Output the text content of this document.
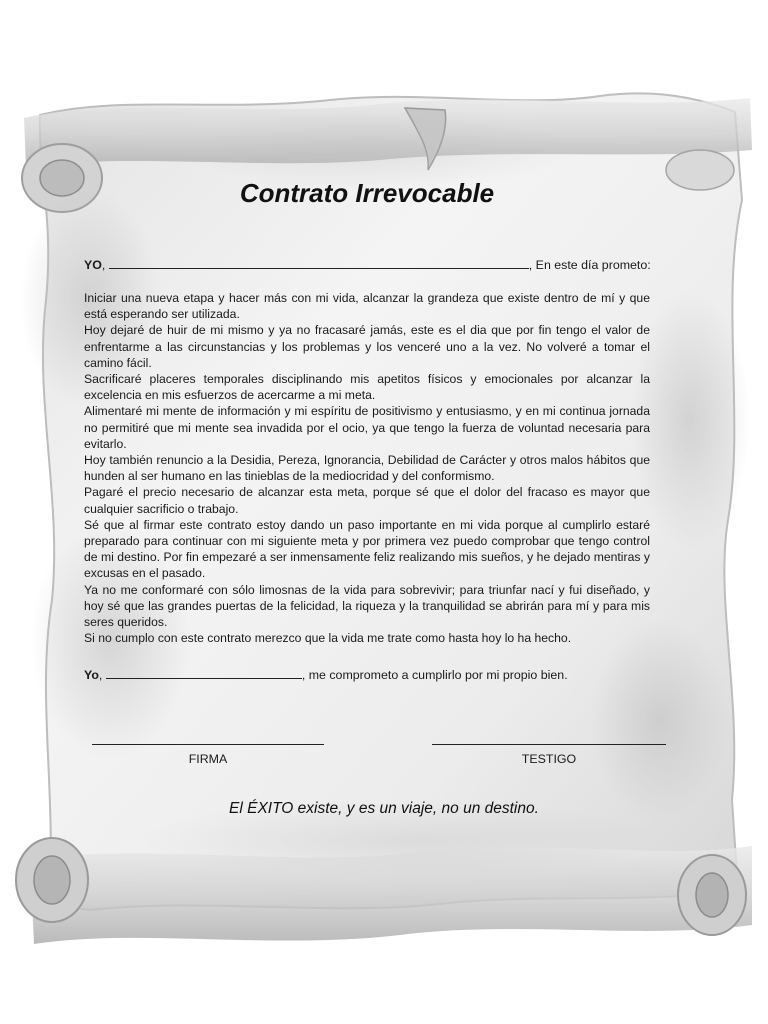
Contrato Irrevocable
YO,	, En este día prometo:

Iniciar una nueva etapa y hacer más con mi vida, alcanzar la grandeza que existe dentro de mí y que está esperando ser utilizada.

Hoy dejaré de huir de mi mismo y ya no fracasaré jamás, este es el dia que por fin tengo el valor de enfrentarme a las circunstancias y los problemas y los venceré uno a la vez. No volveré a tomar el camino fácil.

Sacrificaré placeres temporales disciplinando mis apetitos físicos y emocionales por alcanzar la excelencia en mis esfuerzos de acercarme a mi meta.

Alimentaré mi mente de información y mi espíritu de positivismo y entusiasmo, y en mi continua jornada no permitiré que mi mente sea invadida por el ocio, ya que tengo la fuerza de voluntad necesaria para evitarlo.

Hoy también renuncio a la Desidia, Pereza, Ignorancia, Debilidad de Carácter y otros malos hábitos que hunden al ser humano en las tinieblas de la mediocridad y del conformismo.

Pagaré el precio necesario de alcanzar esta meta, porque sé que el dolor del fracaso es mayor que cualquier sacrificio o trabajo.

Sé que al firmar este contrato estoy dando un paso importante en mi vida porque al cumplirlo estaré preparado para continuar con mi siguiente meta y por primera vez puedo comprobar que tengo control de mi destino. Por fin empezaré a ser inmensamente feliz realizando mis sueños, y he dejado mentiras y excusas en el pasado.

Ya no me conformaré con sólo limosnas de la vida para sobrevivir; para triunfar nací y fui diseñado, y hoy sé que las grandes puertas de la felicidad, la riqueza y la tranquilidad se abrirán para mí y para mis seres queridos.

Si no cumplo con este contrato merezco que la vida me trate como hasta hoy lo ha hecho.

Yo,	, me comprometo a cumplirlo por mi propio bien.
FIRMA	TESTIGO
El ÉXITO existe, y es un viaje, no un destino.
